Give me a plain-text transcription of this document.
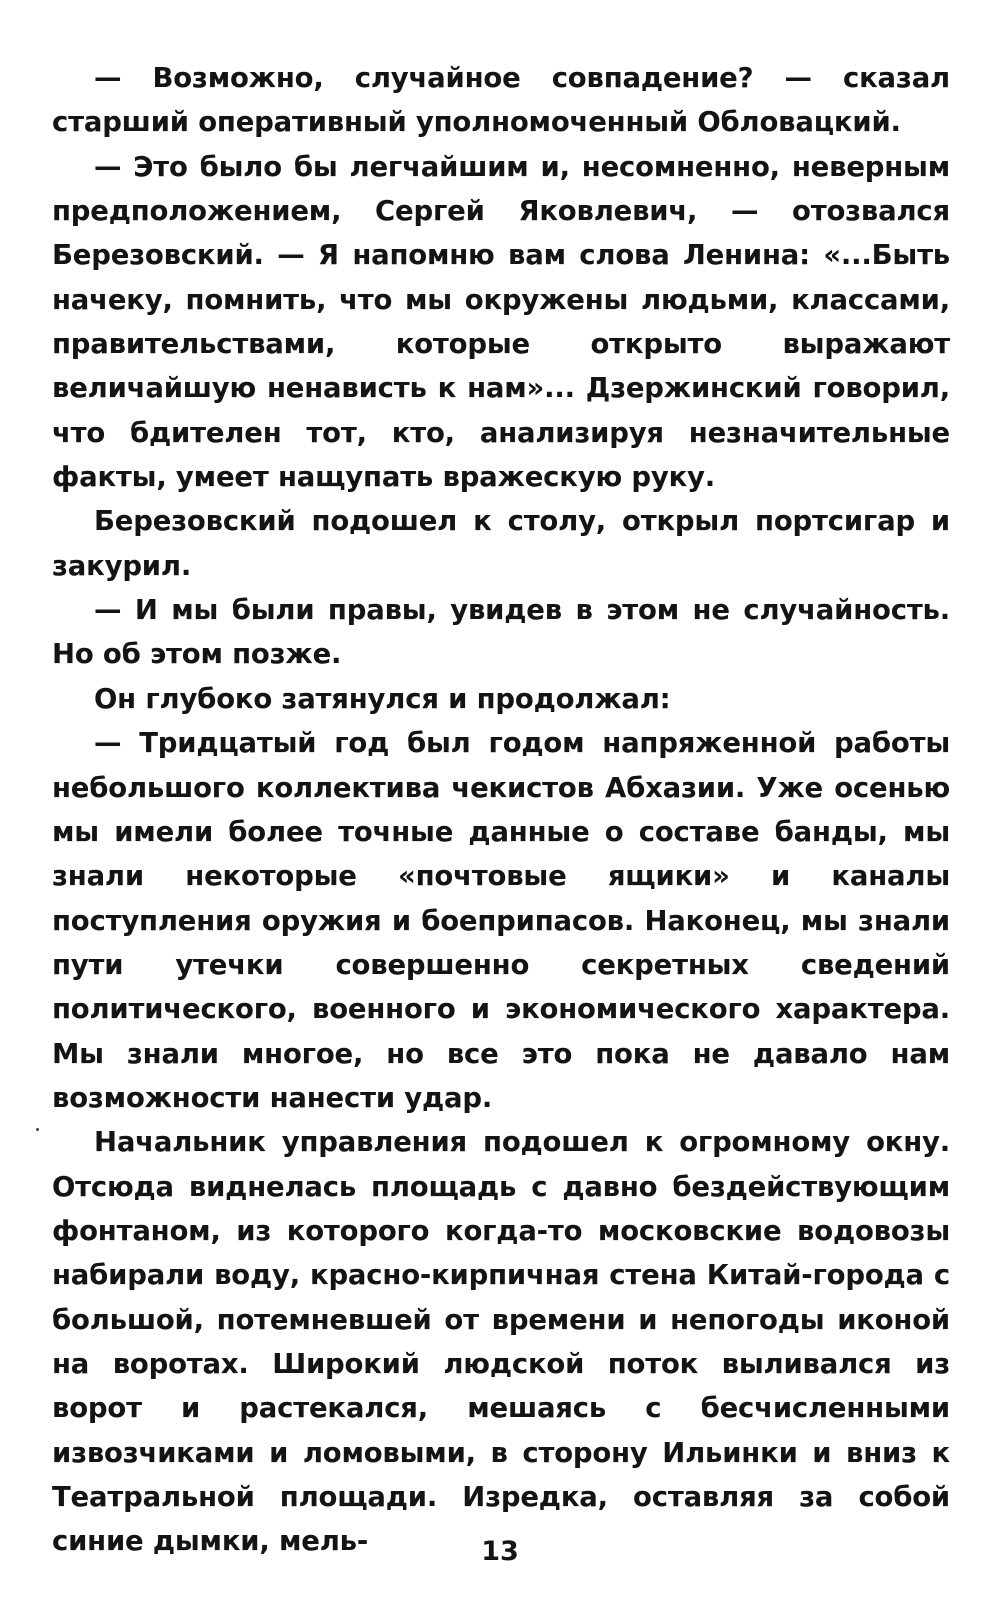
— Возможно, случайное совпадение? — сказал старший оперативный уполномоченный Обловацкий.

— Это было бы легчайшим и, несомненно, неверным предположением, Сергей Яковлевич, — отозвался Березовский. — Я напомню вам слова Ленина: «...Быть начеку, помнить, что мы окружены людьми, классами, правительствами, которые открыто выражают величайшую ненависть к нам»... Дзержинский говорил, что бдителен тот, кто, анализируя незначительные факты, умеет нащупать вражескую руку.

Березовский подошел к столу, открыл портсигар и закурил.

— И мы были правы, увидев в этом не случайность. Но об этом позже.

Он глубоко затянулся и продолжал:

— Тридцатый год был годом напряженной работы небольшого коллектива чекистов Абхазии. Уже осенью мы имели более точные данные о составе банды, мы знали некоторые «почтовые ящики» и каналы поступления оружия и боеприпасов. Наконец, мы знали пути утечки совершенно секретных сведений политического, военного и экономического характера. Мы знали многое, но все это пока не давало нам возможности нанести удар.

Начальник управления подошел к огромному окну. Отсюда виднелась площадь с давно бездействующим фонтаном, из которого когда-то московские водовозы набирали воду, красно-кирпичная стена Китай-города с большой, потемневшей от времени и непогоды иконой на воротах. Широкий людской поток выливался из ворот и растекался, мешаясь с бесчисленными извозчиками и ломовыми, в сторону Ильинки и вниз к Театральной площади. Изредка, оставляя за собой синие дымки, мель-	13
